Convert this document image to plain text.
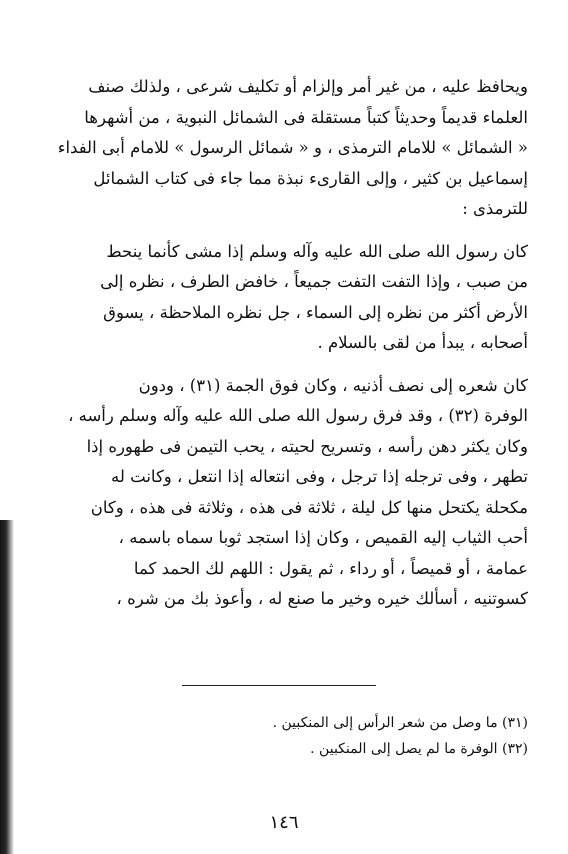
ويحافظ عليه ، من غير أمر وإلزام أو تكليف شرعى ، ولذلك صنف
العلماء قديماً وحديثاً كتباً مستقلة فى الشمائل النبوية ، من أشهرها
« الشمائل » للامام الترمذى ، و « شمائل الرسول » للامام أبى الفداء
إسماعيل بن كثير ، وإلى القارىء نبذة مما جاء فى كتاب الشمائل
للترمذى :

كان رسول الله صلى الله عليه وآله وسلم إذا مشى كأنما ينحط
من صبب ، وإذا التفت التفت جميعاً ، خافض الطرف ، نظره إلى
الأرض أكثر من نظره إلى السماء ، جل نظره الملاحظة ، يسوق
أصحابه ، يبدأ من لقى بالسلام .

كان شعره إلى نصف أذنيه ، وكان فوق الجمة (٣١) ، ودون
الوفرة (٣٢) ، وقد فرق رسول الله صلى الله عليه وآله وسلم رأسه ،
وكان يكثر دهن رأسه ، وتسريح لحيته ، يحب التيمن فى طهوره إذا
تطهر ، وفى ترجله إذا ترجل ، وفى انتعاله إذا انتعل ، وكانت له
مكحلة يكتحل منها كل ليلة ، ثلاثة فى هذه ، وثلاثة فى هذه ، وكان
أحب الثياب إليه القميص ، وكان إذا استجد ثوبا سماه باسمه ،
عمامة ، أو قميصاً ، أو رداء ، ثم يقول : اللهم لك الحمد كما
كسوتنيه ، أسألك خيره وخير ما صنع له ، وأعوذ بك من شره ،

(٣١) ما وصل من شعر الرأس إلى المنكبين .
(٣٢) الوفرة ما لم يصل إلى المنكبين .
١٤٦
